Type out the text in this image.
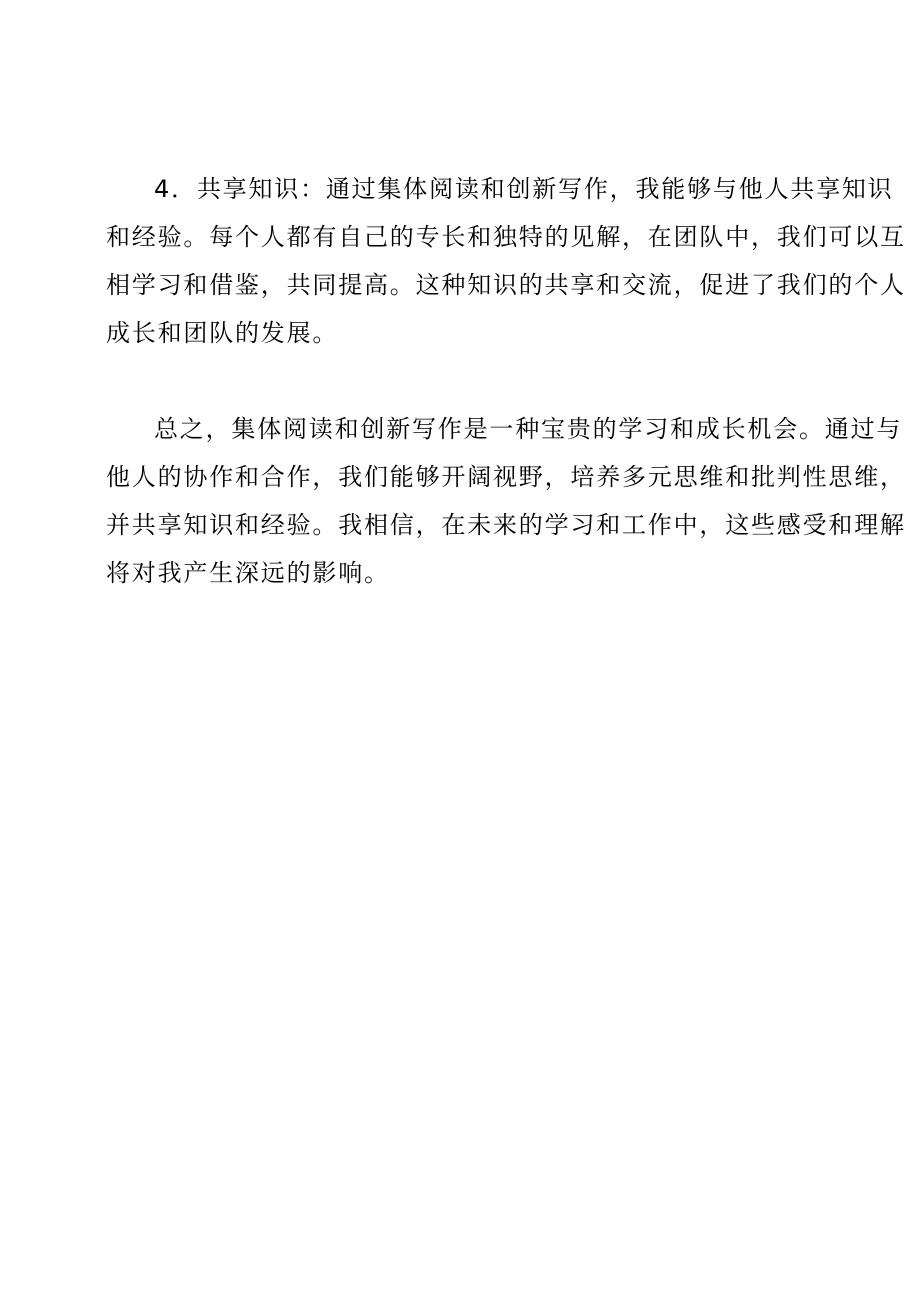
4．共享知识：通过集体阅读和创新写作，我能够与他人共享知识
和经验。每个人都有自己的专长和独特的见解，在团队中，我们可以互
相学习和借鉴，共同提高。这种知识的共享和交流，促进了我们的个人
成长和团队的发展。
总之，集体阅读和创新写作是一种宝贵的学习和成长机会。通过与
他人的协作和合作，我们能够开阔视野，培养多元思维和批判性思维，
并共享知识和经验。我相信，在未来的学习和工作中，这些感受和理解
将对我产生深远的影响。
